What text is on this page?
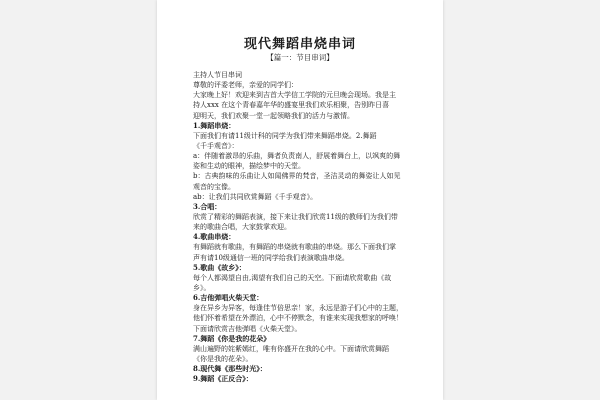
现代舞蹈串烧串词
【篇一：节目串词】
主持人节目串词
尊敬的评委老师，亲爱的同学们：
大家晚上好！欢迎来到吉首大学信工学院的元旦晚会现场。我是主
持人xxx 在这个青春嘉年华的盛宴里我们欢乐相聚，告别昨日喜
迎明天，我们欢聚一堂一起领略我们的活力与激情。
1.舞蹈串烧：
下面我们有请11级计科的同学为我们带来舞蹈串烧。2.舞蹈
《千手观音》：
a：伴随着激昂的乐曲，舞者负责南人，舒展着舞台上，以飒爽的舞
姿和生动的眼神，描绘梦中的天堂。
b：古典韵味的乐曲让人如闻佛界的梵音，圣洁灵动的舞姿让人如见
观音的宝像。
ab：让我们共同欣赏舞蹈《千手观音》。
3.合唱：
欣赏了精彩的舞蹈表演，接下来让我们欣赏11级的教师们为我们带
来的歌曲合唱，大家鼓掌欢迎。
4.歌曲串烧：
有舞蹈就有歌曲，有舞蹈的串烧就有歌曲的串烧。那么下面我们掌
声有请10级通信一班的同学给我们表演歌曲串烧。
5.歌曲《故乡》：
每个人都渴望自由,渴望有我们自己的天空。下面请欣赏歌曲《故
乡》。
6.吉他弹唱火柴天堂：
身在异乡为异客，每逢佳节倍思亲！家，永远是游子们心中的主题，
他们怀着希望在外漂泊，心中不停默念，有谁来实现我想家的呼唤！
下面请欣赏吉他弹唱《火柴天堂》。
7.舞蹈《你是我的花朵》
满山遍野的姹紫嫣红，唯有你盛开在我的心中。下面请欣赏舞蹈
《你是我的花朵》。
8.现代舞《那些时光》：
9.舞蹈《正反合》：
